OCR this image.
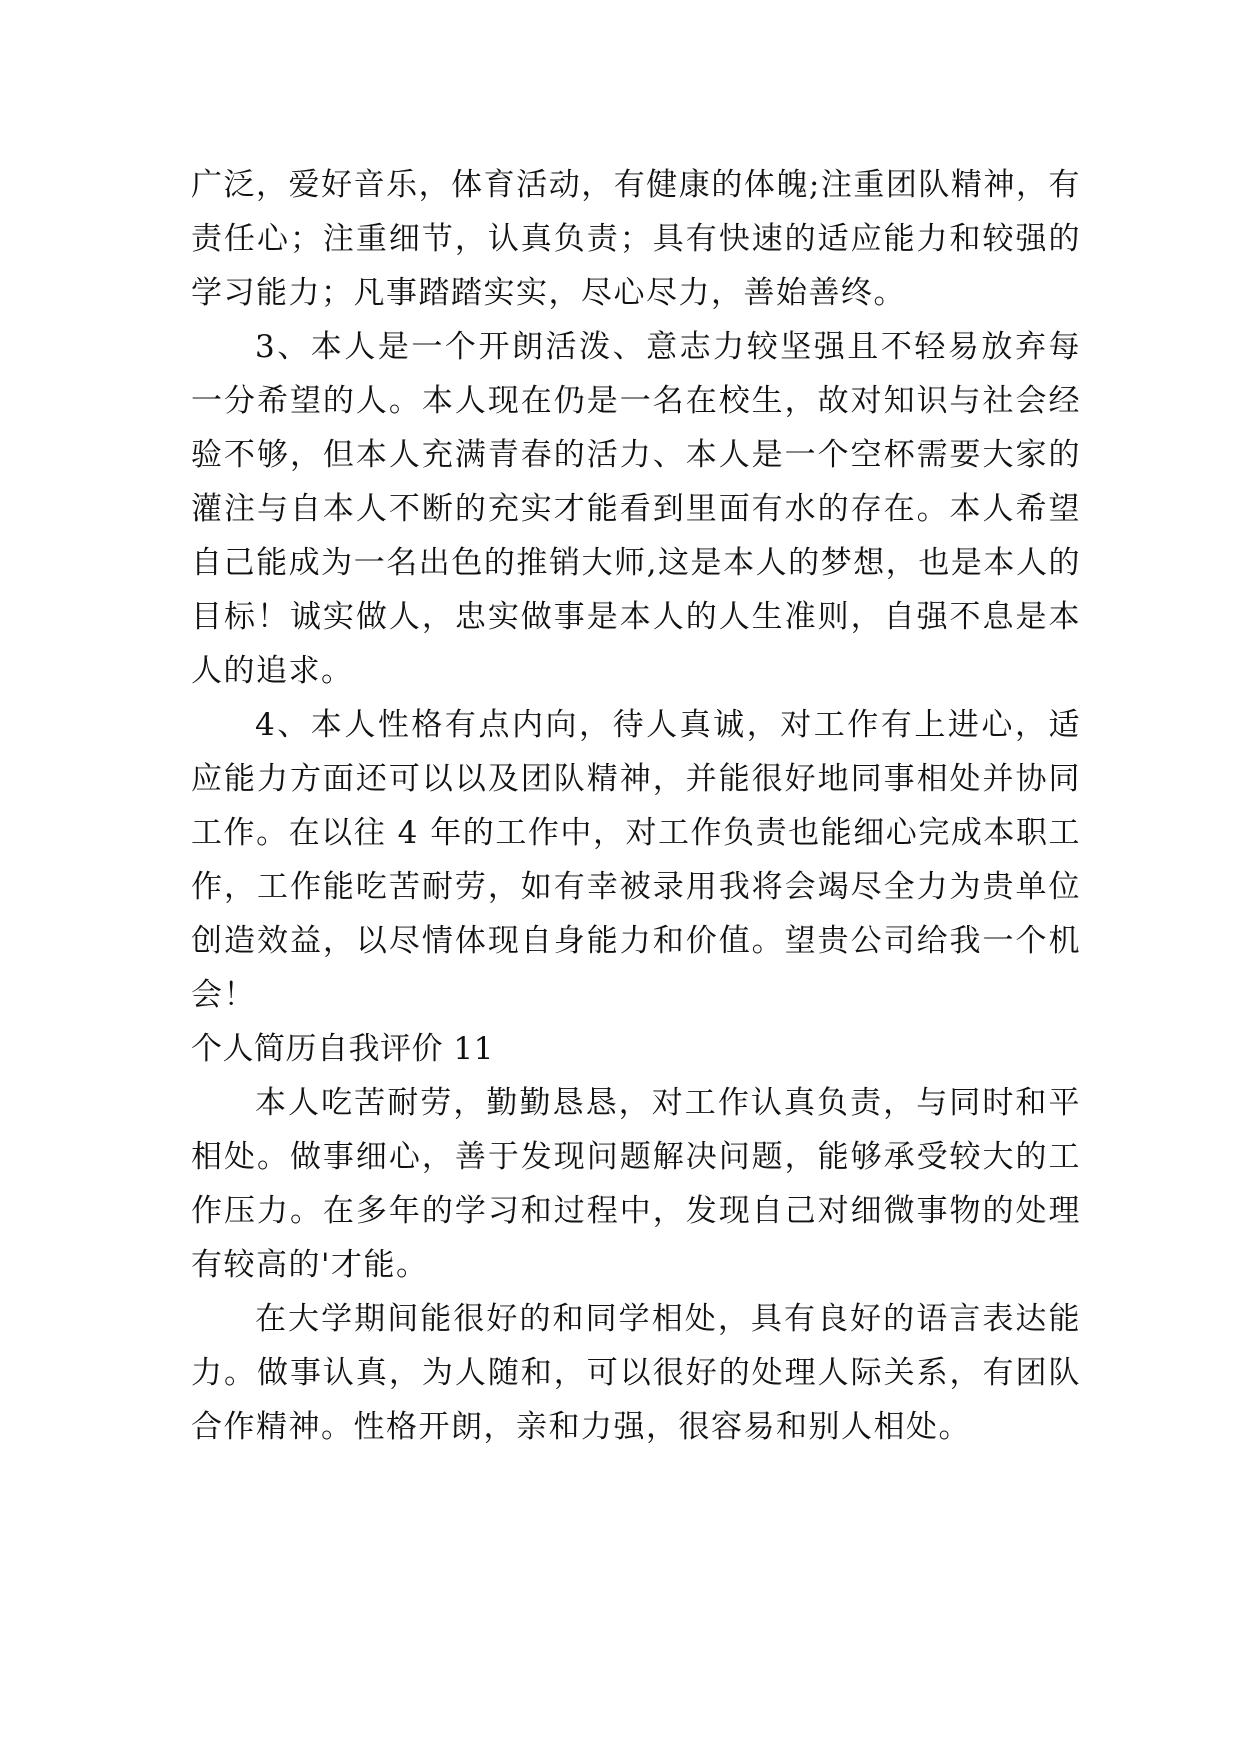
广泛，爱好音乐，体育活动，有健康的体魄;注重团队精神，有责任心；注重细节，认真负责；具有快速的适应能力和较强的学习能力；凡事踏踏实实，尽心尽力，善始善终。

3、本人是一个开朗活泼、意志力较坚强且不轻易放弃每一分希望的人。本人现在仍是一名在校生，故对知识与社会经验不够，但本人充满青春的活力、本人是一个空杯需要大家的灌注与自本人不断的充实才能看到里面有水的存在。本人希望自己能成为一名出色的推销大师,这是本人的梦想，也是本人的目标！诚实做人，忠实做事是本人的人生准则，自强不息是本人的追求。

4、本人性格有点内向，待人真诚，对工作有上进心，适应能力方面还可以以及团队精神，并能很好地同事相处并协同工作。在以往 4 年的工作中，对工作负责也能细心完成本职工作，工作能吃苦耐劳，如有幸被录用我将会竭尽全力为贵单位创造效益，以尽情体现自身能力和价值。望贵公司给我一个机会！

个人简历自我评价 11

本人吃苦耐劳，勤勤恳恳，对工作认真负责，与同时和平相处。做事细心，善于发现问题解决问题，能够承受较大的工作压力。在多年的学习和过程中，发现自己对细微事物的处理有较高的'才能。

在大学期间能很好的和同学相处，具有良好的语言表达能力。做事认真，为人随和，可以很好的处理人际关系，有团队合作精神。性格开朗，亲和力强，很容易和别人相处。
